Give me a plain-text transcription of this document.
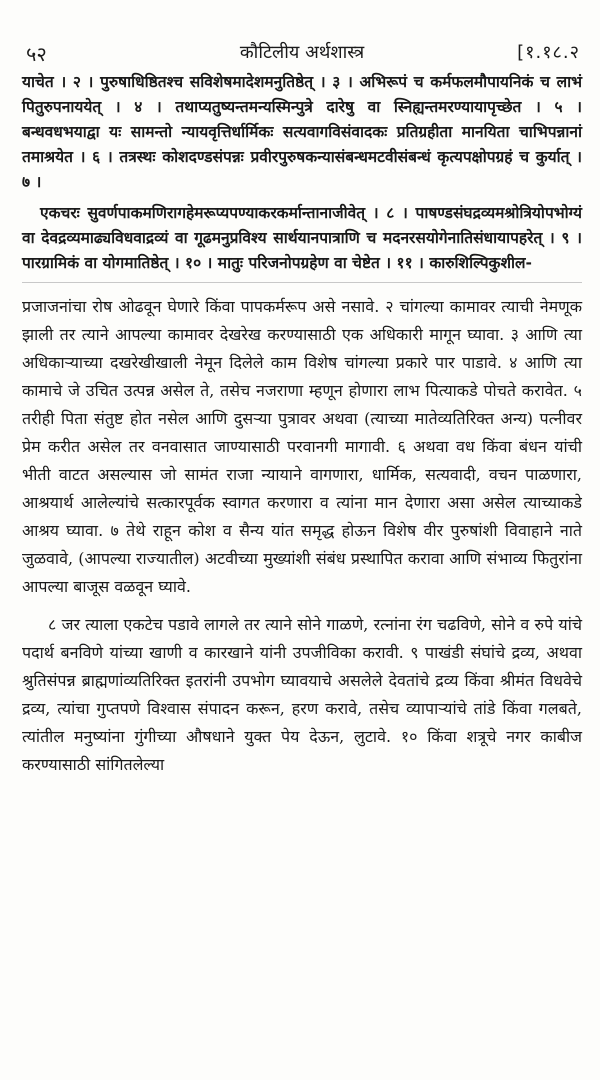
५२	कौटिलीय अर्थशास्त्र	[१.१८.२

याचेत । २ । पुरुषाधिष्ठितश्च सविशेषमादेशमनुतिष्ठेत् । ३ । अभिरूपं च कर्मफलमौपायनिकं च लाभं पितुरुपनाययेत् । ४ । तथाप्यतुष्यन्तमन्यस्मिन्पुत्रे दारेषु वा स्निह्यन्तमरण्यायापृच्छेत । ५ । बन्धवधभयाद्वा यः सामन्तो न्यायवृत्तिर्धार्मिकः सत्यवागविसंवादकः प्रतिग्रहीता मानयिता चाभिपन्नानां तमाश्रयेत । ६ । तत्रस्थः कोशदण्डसंपन्नः प्रवीरपुरुषकन्यासंबन्धमटवीसंबन्धं कृत्यपक्षोपग्रहं च कुर्यात् । ७ ।

एकचरः सुवर्णपाकमणिरागहेमरूप्यपण्याकरकर्मान्तानाजीवेत् । ८ । पाषण्डसंघद्रव्यमश्रोत्रियोपभोग्यं वा देवद्रव्यमाढ्यविधवाद्रव्यं वा गूढमनुप्रविश्य सार्थयानपात्राणि च मदनरसयोगेनातिसंधायापहरेत् । ९ । पारग्रामिकं वा योगमातिष्ठेत् । १० । मातुः परिजनोपग्रहेण वा चेष्टेत । ११ । कारुशिल्पिकुशील-

प्रजाजनांचा रोष ओढवून घेणारे किंवा पापकर्मरूप असे नसावे. २ चांगल्या कामावर त्याची नेमणूक झाली तर त्याने आपल्या कामावर देखरेख करण्यासाठी एक अधिकारी मागून घ्यावा. ३ आणि त्या अधिकाऱ्याच्या दखरेखीखाली नेमून दिलेले काम विशेष चांगल्या प्रकारे पार पाडावे. ४ आणि त्या कामाचे जे उचित उत्पन्न असेल ते, तसेच नजराणा म्हणून होणारा लाभ पित्याकडे पोचते करावेत. ५ तरीही पिता संतुष्ट होत नसेल आणि दुसऱ्या पुत्रावर अथवा (त्याच्या मातेव्यतिरिक्त अन्य) पत्नीवर प्रेम करीत असेल तर वनवासात जाण्यासाठी परवानगी मागावी. ६ अथवा वध किंवा बंधन यांची भीती वाटत असल्यास जो सामंत राजा न्यायाने वागणारा, धार्मिक, सत्यवादी, वचन पाळणारा, आश्रयार्थ आलेल्यांचे सत्कारपूर्वक स्वागत करणारा व त्यांना मान देणारा असा असेल त्याच्याकडे आश्रय घ्यावा. ७ तेथे राहून कोश व सैन्य यांत समृद्ध होऊन विशेष वीर पुरुषांशी विवाहाने नाते जुळवावे, (आपल्या राज्यातील) अटवीच्या मुख्यांशी संबंध प्रस्थापित करावा आणि संभाव्य फितुरांना आपल्या बाजूस वळवून घ्यावे.

८ जर त्याला एकटेच पडावे लागले तर त्याने सोने गाळणे, रत्नांना रंग चढविणे, सोने व रुपे यांचे पदार्थ बनविणे यांच्या खाणी व कारखाने यांनी उपजीविका करावी. ९ पाखंडी संघांचे द्रव्य, अथवा श्रुतिसंपन्न ब्राह्मणांव्यतिरिक्त इतरांनी उपभोग घ्यावयाचे असलेले देवतांचे द्रव्य किंवा श्रीमंत विधवेचे द्रव्य, त्यांचा गुप्तपणे विश्वास संपादन करून, हरण करावे, तसेच व्यापाऱ्यांचे तांडे किंवा गलबते, त्यांतील मनुष्यांना गुंगीच्या औषधाने युक्त पेय देऊन, लुटावे. १० किंवा शत्रूचे नगर काबीज करण्यासाठी सांगितलेल्या
